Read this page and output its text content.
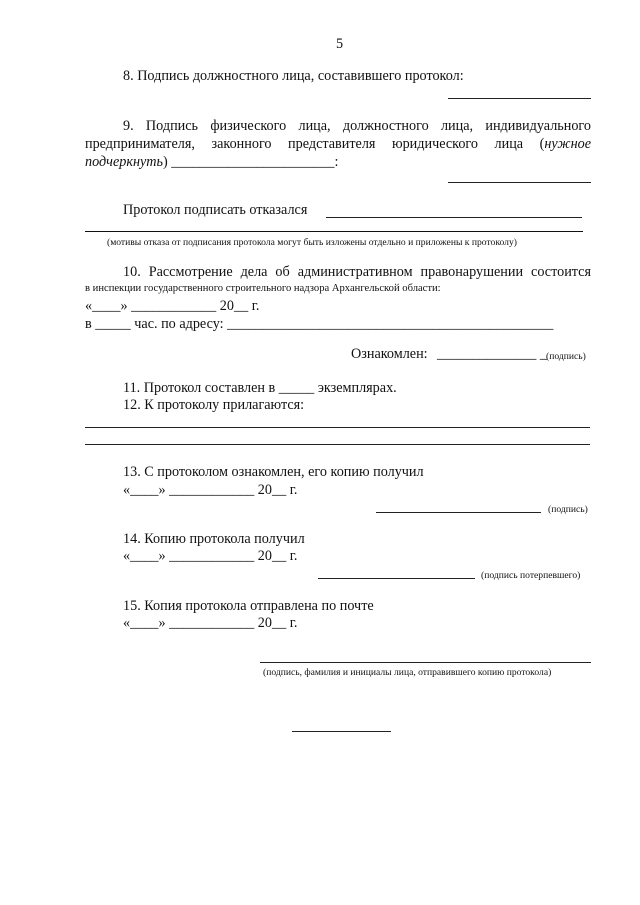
5
8. Подпись должностного лица, составившего протокол:
9. Подпись физического лица, должностного лица, индивидуального
предпринимателя, законного представителя юридического лица (нужное
подчеркнуть) _______________________:
Протокол подписать отказался
(мотивы отказа от подписания протокола могут быть изложены отдельно и приложены к протоколу)
10. Рассмотрение дела об административном правонарушении состоится
в инспекции государственного строительного надзора Архангельской области:
«____» ____________ 20__ г.
в _____ час. по адресу: ______________________________________________
Ознакомлен: ______________ _ (подпись)
11. Протокол составлен в _____ экземплярах.
12. К протоколу прилагаются:
13. С протоколом ознакомлен, его копию получил
«____» ____________ 20__ г.
(подпись)
14. Копию протокола получил
«____» ____________ 20__ г.
(подпись потерпевшего)
15. Копия протокола отправлена по почте
«____» ____________ 20__ г.
(подпись, фамилия и инициалы лица, отправившего копию протокола)
